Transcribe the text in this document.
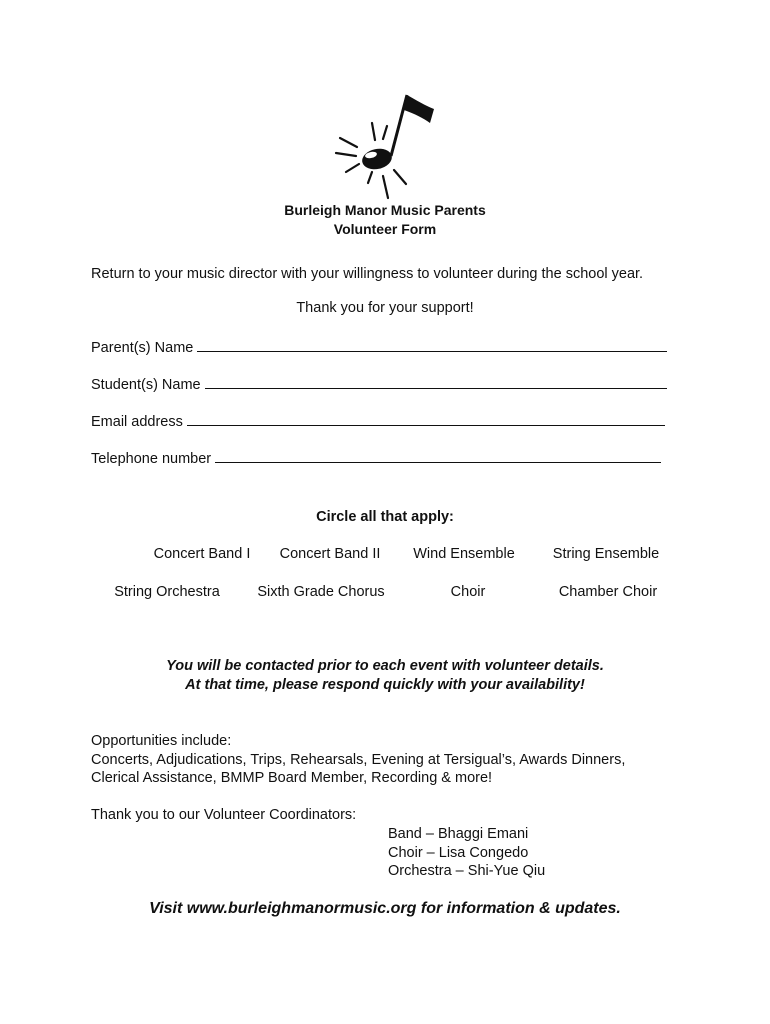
Burleigh Manor Music Parents
Volunteer Form
Return to your music director with your willingness to volunteer during the school year.
Thank you for your support!
Parent(s) Name
Student(s) Name
Email address
Telephone number
Circle all that apply:
Concert Band I	Concert Band II	Wind Ensemble	String Ensemble
String Orchestra	Sixth Grade Chorus	Choir	Chamber Choir
You will be contacted prior to each event with volunteer details.
At that time, please respond quickly with your availability!
Opportunities include:
Concerts, Adjudications, Trips, Rehearsals, Evening at Tersigual’s, Awards Dinners,
Clerical Assistance, BMMP Board Member, Recording & more!
Thank you to our Volunteer Coordinators:
Band – Bhaggi Emani
Choir – Lisa Congedo
Orchestra – Shi-Yue Qiu
Visit www.burleighmanormusic.org for information & updates.
